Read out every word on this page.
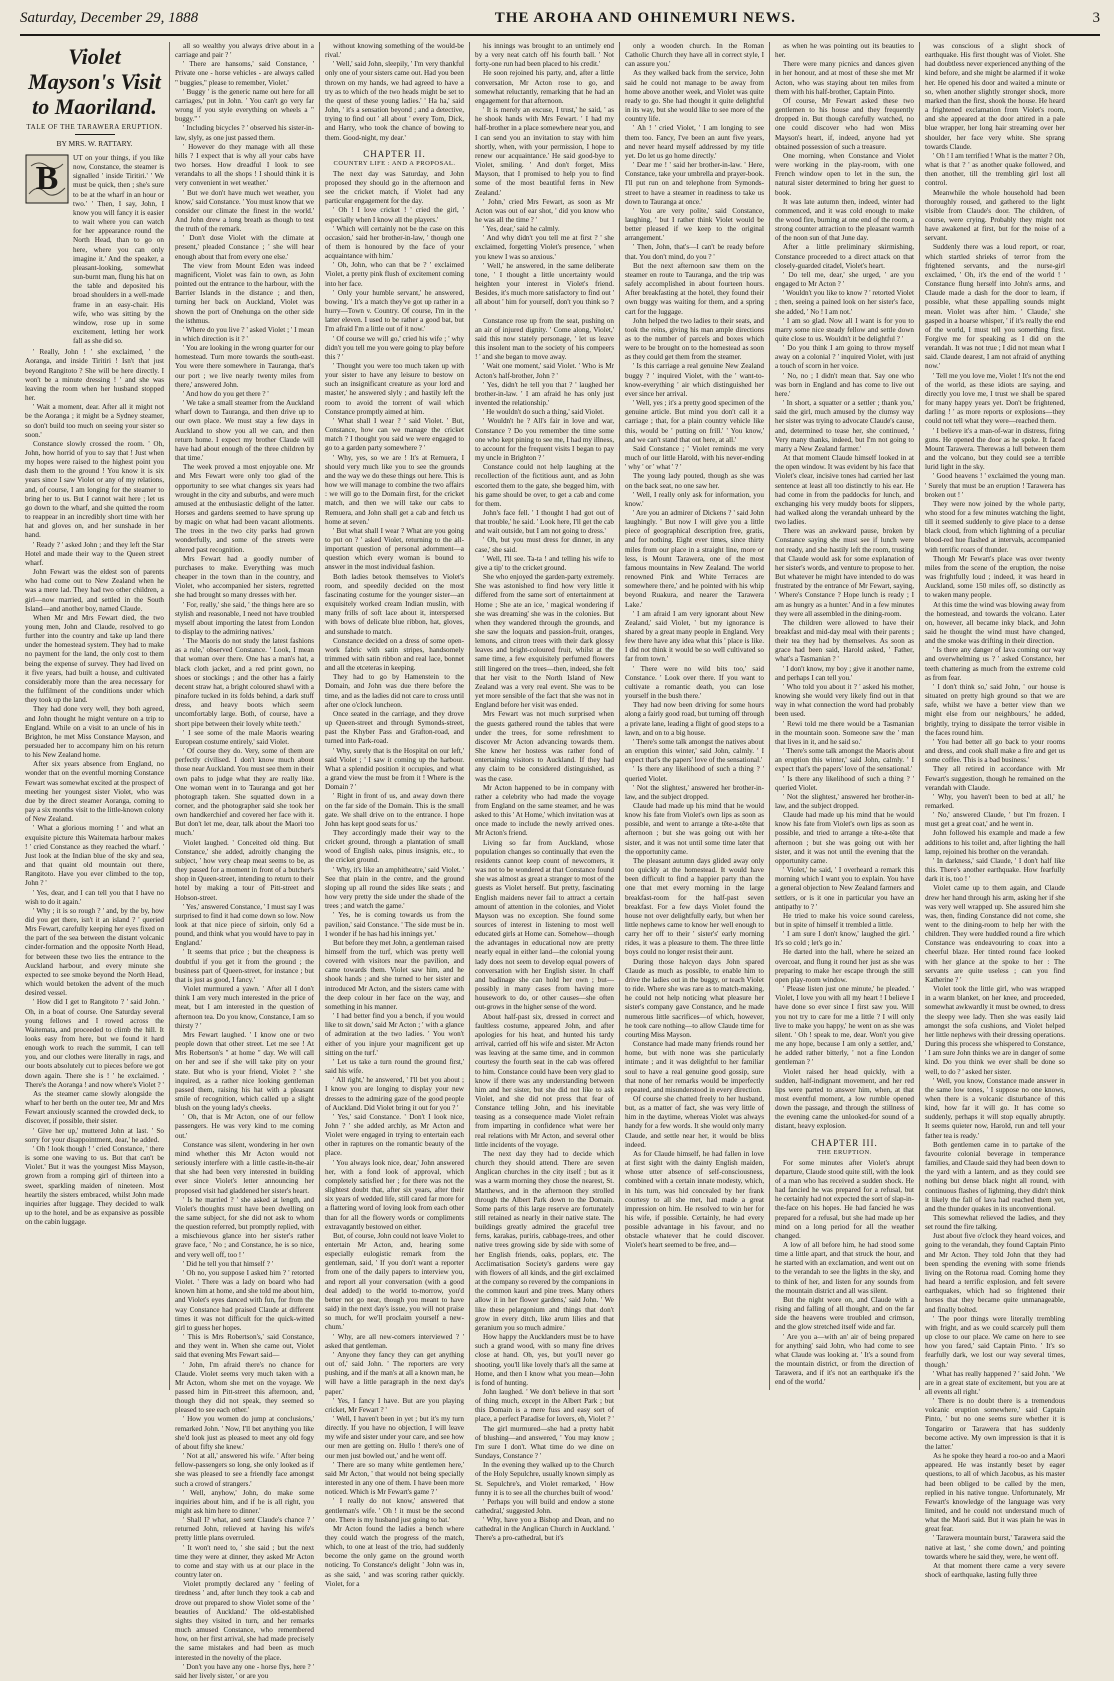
Saturday, December 29, 1888	THE AROHA AND OHINEMURI NEWS.	3
Violet Mayson's Visit to Maoriland.
TALE OF THE TARAWERA ERUPTION.
BY MRS. W. RATTARY.
B

UT on your things, if you like now, Constance, the steamer is signalled ' inside Tiritiri.' ' We must be quick, then ; she's sure to be at the wharf in an hour or two.' ' Then, I say, John, I know you will fancy it is easier to wait where you can watch for her appearance round the North Head, than to go on here, where you can only imagine it.' And the speaker, a pleasant-looking, somewhat sun-burnt man, flung his hat on the table and deposited his broad shoulders in a well-made frame in an easy-chair. His wife, who was sitting by the window, rose up in some excitement, letting her work fall as she did so.

' Really, John ! ' she exclaimed, ' the Aoranga, and inside Tiritiri ! Isn't that just beyond Rangitoto ? She will be here directly. I won't be a minute dressing ! ' and she was leaving the room when her husband stopped her.

' Wait a moment, dear. After all it might not be the Aoranga ; it might be a Sydney steamer, so don't build too much on seeing your sister so soon.'

Constance slowly crossed the room. ' Oh, John, how horrid of you to say that ! Just when my hopes were raised to the highest point you dash them to the ground ! You know it is six years since I saw Violet or any of my relations, and, of course, I am longing for the steamer to bring her to us. But I cannot wait here ; let us go down to the wharf, and she quitted the room to reappear in an incredibly short time with her hat and gloves on, and her sunshade in her hand.

' Ready ? ' asked John ; and they left the Star Hotel and made their way to the Queen street wharf.

John Fewart was the eldest son of parents who had come out to New Zealand when he was a mere lad. They had two other children, a girl—now married, and settled in the South Island—and another boy, named Claude.

When Mr and Mrs Fewart died, the two young men, John and Claude, resolved to go further into the country and take up land there under the homestead system. They had to make no payment for the land, the only cost to them being the expense of survey. They had lived on it five years, had built a house, and cultivated considerably more than the area necessary for the fulfilment of the conditions under which they took up the land.

They had done very well, they both agreed, and John thought he might venture on a trip to England. While on a visit to an uncle of his in Brighton, he met Miss Constance Mayson, and persuaded her to accompany him on his return to his New Zealand home.

After six years absence from England, no wonder that on the eventful morning Constance Fewart was somewhat excited at the prospect of meeting her youngest sister Violet, who was due by the direct steamer Aoranga, coming to pay a six months visit to the little-known colony of New Zealand.

' What a glorious morning ! ' and what an exquisite picture this Waitemata harbour makes ! ' cried Constance as they reached the wharf. ' Just look at the Indian blue of the sky and sea, and that quaint old mountain out there, Rangitoto. Have you ever climbed to the top, John ? '

' Yes, dear, and I can tell you that I have no wish to do it again.'

' Why ; it is so rough ? ' and, by the by, how did you get there, isn't it an island ? ' queried Mrs Fewart, carefully keeping her eyes fixed on the part of the sea between the distant volcanic cinder-formation and the opposite North Head, for between these two lies the entrance to the Auckland harbour, and every minute she expected to see smoke beyond the North Head, which would betoken the advent of the much desired vessel.

' How did I get to Rangitoto ? ' said John. ' Oh, in a boat of course. One Saturday several young fellows and I rowed across the Waitemata, and proceeded to climb the hill. It looks easy from here, but we found it hard enough work to reach the summit, I can tell you, and our clothes were literally in rags, and our boots absolutely cut to pieces before we got down again. There she is ! ' he exclaimed. ' There's the Aoranga ! and now where's Violet ? '

As the steamer came slowly alongside the wharf to her berth on the outer tee, Mr and Mrs Fewart anxiously scanned the crowded deck, to discover, if possible, their sister.

' Give her up,' muttered John at last. ' So sorry for your disappointment, dear,' he added.

' Oh ! look though ! ' cried Constance, ' there is some one waving to us. But that can't be Violet.' But it was the youngest Miss Mayson, grown from a romping girl of thirteen into a sweet, sparkling maiden of nineteen. Most heartily the sisters embraced, whilst John made inquiries after luggage. They decided to walk up to the hotel, and be as expansive as possible on the cabin luggage.

all so wealthy you always drive about in a carriage and pair ? '

' There are hansoms,' said Constance, ' Private one - horse vehicles - are always called " buggies," please to remember, Violet.'

' Buggy ' is the generic name out here for all carriages,' put in John. ' You can't go very far wrong if you style everything on wheels a " buggy." '

' Including bicycles ? ' observed his sister-in-law, slyly, as one just passed them.

' However do they manage with all these hills ? I expect that is why all your cabs have two horses. How dreadful I look to see verandahs to all the shops ! I should think it is very convenient in wet weather.'

' But we don't have much wet weather, you know,' said Constance. ' You must know that we consider our climate the finest in the world.' And John drew a long breath as though to test the truth of the remark.

' Don't dose Violet with the climate at present,' pleaded Constance ; ' she will hear enough about that from every one else.'

The view from Mount Eden was indeed magnificent, Violet was fain to own, as John pointed out the entrance to the harbour, with the Barrier Islands in the distance ; and then, turning her back on Auckland, Violet was shown the port of Onehunga on the other side the isthmus.

' Where do you live ? ' asked Violet ; ' I mean in which direction is it ? '

' You are looking in the wrong quarter for our homestead. Turn more towards the south-east. You were there somewhere in Tauranga, that's our port ; we live nearly twenty miles from there,' answered John.

' And how do you get there ? '

' We take a small steamer from the Auckland wharf down to Tauranga, and then drive up to our own place. We must stay a few days in Auckland to show you all we can, and then return home. I expect my brother Claude will have had about enough of the three children by that time.'

The week proved a most enjoyable one. Mr and Mrs Fewart were only too glad of the opportunity to see what changes six years had wrought in the city and suburbs, and were much amused at the enthusiastic delight of the latter. Horses and gardens seemed to have sprung up by magic on what had been vacant allotments. The trees in the two city parks had grown wonderfully, and some of the streets were altered past recognition.

Mrs Fewart had a goodly number of purchases to make. Everything was much cheaper in the town than in the country, and Violet, who accompanied her sisters, regretted she had brought so many dresses with her.

' For, really,' she said, ' the things here are so stylish and reasonable, I need not have troubled myself about importing the latest from London to display to the admiring natives.'

' The Maoris do not study the latest fashions as a rule,' observed Constance. ' Look, I mean that woman over there. One has a man's hat, a black cloth jacket, and a red print gown, no shoes or stockings ; and the other has a fairly decent straw hat, a bright coloured shawl with a pinafore tucked in its folds behind, a dark stuff dress, and heavy boots which seem uncomfortably large. Both, of course, have a short pipe between their lovely white teeth.'

' I see some of the male Maoris wearing European costume entirely,' said Violet.

' Of course they do. Very, some of them are perfectly civilised. I don't know much about those near Auckland. You must see them in their own pahs to judge what they are really like. One woman went in to Tauranga and got her photograph taken. She squatted down in a corner, and the photographer said she took her own handkerchief and covered her face with it. But don't let me, dear, talk about the Maori too much.'

Violet laughed. ' Conceited old thing. But Constance,' she added, adroitly changing the subject, ' how very cheap meat seems to be, as they passed for a moment in front of a butcher's shop in Queen-street, intending to return to their hotel by making a tour of Pitt-street and Hobson-street.

' Yes,' answered Constance, ' I must say I was surprised to find it had come down so low. Now look at that nice piece of sirloin, only 6d a pound, and think what you would have to pay in England.'

' It seems that price ; but the cheapness is doubtful if you get it from the ground ; the business part of Queen-street, for instance ; but that is just as good, I fancy.'

Violet murmured a yawn. ' After all I don't think I am very much interested in the price of meat, but I am interested in the question of afternoon tea. Do you know, Constance, I am so thirsty ? '

Mrs Fewart laughed. ' I know one or two people down that other street. Let me see ! At Mrs Robertson's " at home " day. We will call on her and see if she will take pity on your state. But who is your friend, Violet ? ' she inquired, as a rather nice looking gentleman passed them, raising his hat with a pleasant smile of recognition, which called up a slight blush on the young lady's cheeks.

' Oh, that is Mr Acton, one of our fellow passengers. He was very kind to me coming out.'

Constance was silent, wondering in her own mind whether this Mr Acton would not seriously interfere with a little castle-in-the-air that she had been very interested in building ever since Violet's letter announcing her proposed visit had gladdened her sister's heart.

' Is he married ? ' she asked at length, and Violet's thoughts must have been dwelling on the same subject, for she did not ask to whom the question referred, but promptly replied, with a mischievous glance into her sister's rather grave face, ' No ; and Constance, he is so nice, and very well off, too ! '

' Did he tell you that himself ? '

' Oh no, you suppose I asked him ? ' retorted Violet. ' There was a lady on board who had known him at home, and she told me about him, and Violet's eyes danced with fun, for from the way Constance had praised Claude at different times it was not difficult for the quick-witted girl to guess her hopes.

' This is Mrs Robertson's,' said Constance, and they went in. When she came out, Violet said that evening Mrs Fewart said—

' John, I'm afraid there's no chance for Claude. Violet seems very much taken with a Mr Acton, whom she met on the voyage. We passed him in Pitt-street this afternoon, and, though they did not speak, they seemed so pleased to see each other.'

' How you women do jump at conclusions,' remarked John. ' Now, I'll bet anything you like she'd look just as pleased to meet any old fogy of about fifty she knew.'

' Not at all,' answered his wife. ' After being fellow-passengers so long, she only looked as if she was pleased to see a friendly face amongst such a crowd of strangers.'

' Well, anyhow,' John, do make some inquiries about him, and if he is all right, you might ask him here to dinner.'

' Shall I? what, and sent Claude's chance ? ' returned John, relieved at having his wife's pretty little plans overruled.

' It won't need to, ' she said ; but the next time they were at dinner, they asked Mr Acton to come and stay with us at our place in the country later on.

Violet promptly declared any ' feeling of tiredness ' and, after lunch they took a cab and drove out prepared to show Violet some of the ' beauties of Auckland.' The old-established sights they visited in turn, and her remarks much amused Constance, who remembered how, on her first arrival, she had made precisely the same mistakes and had been as much interested in the novelty of the place.

' Don't you have any one - horse flys, here ? ' said her lively sister, ' or are you

without knowing something of the would-be rival.'

' Well,' said John, sleepily, ' I'm very thankful only one of your sisters came out. Had you been thrown on my hands, we had agreed to have a try as to which of the two heads might be set to the quest of these young ladies.' ' Ha ha,' said John, ' it's a sensation beyond ; and a detective, trying to find out ' all about ' every Tom, Dick, and Harry, who took the chance of bowing to them. Good-night, my dear.'

CHAPTER II.
COUNTRY LIFE : AND A PROPOSAL.

The next day was Saturday, and John proposed they should go in the afternoon and see the cricket match, if Violet had any particular engagement for the day.

' Oh ! I love cricket ! ' cried the girl, ' especially when I know all the players.'

' Which will certainly not be the case on this occasion,' said her brother-in-law, ' though one of them is honoured by the face of your acquaintance with him.'

' Oh, John, who can that be ? ' exclaimed Violet, a pretty pink flush of excitement coming into her face.

' Only your humble servant,' he answered, bowing. ' It's a match they've got up rather in a hurry—Town v. Country. Of course, I'm in the latter eleven. I used to be rather a good bat, but I'm afraid I'm a little out of it now.'

' Of course we will go,' cried his wife ; ' why didn't you tell me you were going to play before this ? '

' Thought you were too much taken up with your sister to have any leisure to bestow on such an insignificant creature as your lord and master,' he answered slyly ; and hastily left the room to avoid the torrent of wail which Constance promptly aimed at him.

' What shall I wear ? ' said Violet. ' But, Constance, how can we manage the cricket match ? I thought you said we were engaged to go to a garden party somewhere ? '

' Why, yes, so we are ! It's at Remuera, I should very much like you to see the grounds and the way we do these things out here. This is how we will manage to combine the two affairs : we will go to the Domain first, for the cricket match, and then we will take our cabs to Remuera, and John shall get a cab and fetch us home at seven.'

' But what shall I wear ? What are you going to put on ? ' asked Violet, returning to the all-important question of personal adornment—a question which every woman is bound to answer in the most individual fashion.

Both ladies betook themselves to Violet's room, and speedily decided on the most fascinating costume for the younger sister—an exquisitely worked cream Indian muslin, with many frills of soft lace about it, interspersed with bows of delicate blue ribbon, hat, gloves, and sunshade to match.

Constance decided on a dress of some open-work fabric with satin stripes, handsomely trimmed with satin ribbon and real lace, bonnet and all the etceteras in keeping.

They had to go by Hamenstein to the Domain, and John was due there before the time, and as the ladies did not care to cross until after one o'clock luncheon.

Once seated in the carriage, and they drove up Queen-street and through Symonds-street, past the Khyber Pass and Grafton-road, and turned into Park-road.

' Why, surely that is the Hospital on our left,' said Violet ; ' I saw it coming up the harbour. What a splendid position it occupies, and what a grand view the must be from it ! Where is the Domain ? '

' Right in front of us, and away down there on the far side of the Domain. This is the small gate. We shall drive on to the entrance. I hope John has kept good seats for us.'

They accordingly made their way to the cricket ground, through a plantation of small wood of English oaks, pinus insignis, etc., to the cricket ground.

' Why, it's like an amphitheatre,' said Violet. ' See that plain in the centre, and the ground sloping up all round the sides like seats ; and how very pretty the side under the shade of the trees ; and watch the game.'

' Yes, he is coming towards us from the pavilion,' said Constance. ' The side must be in. I wonder if he has had his innings yet.'

But before they met John, a gentleman raised himself from the turf, which was pretty well covered with visitors near the pavilion, and came towards them. Violet saw him, and he shook hands ; and she turned to her sister and introduced Mr Acton, and the sisters came with the deep colour in her face on the way, and something in his manner.

' I had better find you a bench, if you would like to sit down,' said Mr Acton ; ' with a glance of admiration at the two ladies. ' You won't either of you injure your magnificent get up sitting on the turf.'

' Let us take a turn round the ground first,' said his wife.

' All right,' he answered, ' I'll bet you about ; I know you are longing to display your new dresses to the admiring gaze of the good people of Auckland. Did Violet bring it out for you ? '

' Yes,' said Constance. ' Don't I look nice, John ? ' she added archly, as Mr Acton and Violet were engaged in trying to entertain each other in raptures on the romantic beauty of the place.

' You always look nice, dear,' John answered her, with a fond look of approval, which completely satisfied her ; for there was not the slightest doubt that, after six years, after their six years of wedded life, still cared far more for a flattering word of loving look from each other than for all the flowery words or compliments extravagantly bestowed on either.

But, of course, John could not leave Violet to entertain Mr Acton, and, hearing some especially eulogistic remark from the gentleman, said, ' If you don't want a reporter from one of the daily papers to interview you, and report all your conversation (with a good deal added) to the world to-morrow, you'd better not go near, though you meant to have said) in the next day's issue, you will not praise so much, for we'll proclaim yourself a new-chum.'

' Why, are all new-comers interviewed ? ' asked that gentleman.

' Anyone they fancy they can get anything out of,' said John. ' The reporters are very pushing, and if the man's at all a known man, he will have a little paragraph in the next day's paper.'

' Yes, I fancy I have. But are you playing cricket, Mr Fewart ? '

' Well, I haven't been in yet ; but it's my turn directly. If you have no objection, I will leave my wife and sister under your care, and see how our men are getting on. Hullo ! there's one of our men just bowled out,' and he went off.

' There are so many white gentlemen here,' said Mr Acton, ' that would not being specially interested in any one of them. I have been more noticed. Which is Mr Fewart's game ? '

' I really do not know,' answered that gentleman's wife. ' Oh ! it must be the second one. There is my husband just going to bat.'

Mr Acton found the ladies a bench where they could watch the progress of the match, which, to one at least of the trio, had suddenly become the only game on the ground worth noticing. To Constance's delight ' John was in, as she said, ' and was scoring rather quickly. Violet, for a

his innings was brought to an untimely end by a very neat catch off his fourth ball. ' Not forty-one run had been placed to his credit.'

He soon rejoined his party, and, after a little conversation, Mr Acton rose to go, and somewhat reluctantly, remarking that he had an engagement for that afternoon.

' It is merely an excuse, I trust,' he said, ' as he shook hands with Mrs Fewart. ' I had my half-brother in a place somewhere near you, and I can send you an invitation to stay with him shortly, when, with your permission, I hope to renew our acquaintance.' He said good-bye to Violet, smiling. ' And don't forget, Miss Mayson, that I promised to help you to find some of the most beautiful ferns in New Zealand.'

' John,' cried Mrs Fewart, as soon as Mr Acton was out of ear shot, ' did you know who he was all the time ? '

' Yes, dear,' said he calmly.

' And why didn't you tell me at first ? ' she exclaimed, forgetting Violet's presence, ' when you knew I was so anxious.'

' Well,' he answered, in the same deliberate tone, ' I thought a little uncertainty would heighten your interest in Violet's friend. Besides, it's much more satisfactory to find out ' all about ' him for yourself, don't you think so ? '

Constance rose up from the seat, pushing on an air of injured dignity. ' Come along, Violet,' said this now stately personage, ' let us leave this insolent man to the society of his compeers ! ' and she began to move away.

' Wait one moment,' said Violet. ' Who is Mr Acton's half-brother, John ? '

' Yes, didn't he tell you that ? ' laughed her brother-in-law. ' I am afraid he has only just invented the relationship.'

' He wouldn't do such a thing,' said Violet.

' Wouldn't he ? All's fair in love and war, Constance ? Do you remember the time some one who kept pining to see me, I had my illness, to account for the frequent visits I began to pay my uncle in Brighton ? '

Constance could not help laughing at the recollection of the fictitious aunt, and as John escorted them to the gate, she begged him, with his game should be over, to get a cab and come for them.

John's face fell. ' I thought I had got out of that trouble,' he said. ' Look here, I'll get the cab and wait outside, but I am not going to dress.'

' Oh, but you must dress for dinner, in any case,' she said.

' Well, I'll see. Ta-ta ! and telling his wife to give a tip' to the cricket ground.

She who enjoyed the garden-party extremely. She was astonished to find how very little it differed from the same sort of entertainment at Home ; She ate an ice, ' magical wondering if she was dreaming' she was in the colonies. But when they wandered through the grounds, and she saw the loquats and passion-fruit, oranges, lemons, and citron trees with their dark glossy leaves and bright-coloured fruit, whilst at the same time, a few exquisitely perfumed flowers still lingered on the trees—then, indeed, she felt that her visit to the North Island of New Zealand was a very real event. She was to be yet more sensible of the fact that she was not in England before her visit was ended.

Mrs Fewart was not much surprised when the guests gathered round the tables that were under the trees, for some refreshment to discover Mr Acton advancing towards them. She knew her hostess was rather fond of entertaining visitors to Auckland. If they had any claim to be considered distinguished, as was the case.

Mr Acton happened to be in company with rather a celebrity who had made the voyage from England on the same steamer, and he was asked to this ' At Home,' which invitation was at once made to include the newly arrived ones. Mr Acton's friend.

Living so far from Auckland, whose population changes so continually that even the residents cannot keep count of newcomers, it was not to be wondered at that Constance found she was almost as great a stranger to most of the guests as Violet herself. But pretty, fascinating English maidens never fail to attract a certain amount of attention in the colonies, and Violet Mayson was no exception. She found some sources of interest in listening to most well educated girls at Home can. Somehow—though the advantages in educational now are pretty nearly equal in either land—the colonial young lady does not seem to develop equal powers of conversation with her English sister. In chaff and badinage she can hold her own ; but—possibly in many cases from having more housework to do, or other causes—she often out-grows in the higher sense of the word.

About half-past six, dressed in correct and faultless costume, appeared John, and after apologies for his heat, and hunted his tardy arrival, carried off his wife and sister. Mr Acton was leaving at the same time, and in common courtesy the fourth seat in the cab was offered to him. Constance could have been very glad to know if there was any understanding between him and her sister, but she did not like to ask Violet, and she did not press that fear of Constance telling John, and his inevitable teasing as a consequence made Violet refrain from imparting in confidence what were her real relations with Mr Acton, and several other little incidents of the voyage.

The next day they had to decide which church they should attend. There are seven Anglican churches in the city itself ; but as it was a warm morning they chose the nearest, St. Matthews, and in the afternoon they strolled through the Albert Park down to the Domain. Some parts of this large reserve are fortunately still retained as nearly in their native state. The buildings greatly admired the graceful tree ferns, karakas, puriris, cabbage-trees, and other native trees growing side by side with some of her English friends, oaks, poplars, etc. The Acclimatisation Society's gardens were gay with flowers of all kinds, and the girl exclaimed at the company so revered by the companions in the common kauri and pine trees. Many others allow it in her flower gardens,' said John. ' We like these pelargonium and things that don't grow in every ditch, like arum lilies and that geranium you so much admire.'

How happy the Aucklanders must be to have such a grand wood, with so many fine drives close at hand. Oh, yes, but you'll never go shooting, you'll like lovely that's all the same at Home, and then I know what you mean—John is fond of hunting.

John laughed. ' We don't believe in that sort of thing much, except in the Albert Park ; but this Domain is a mere fuss and easy sort of place, a perfect Paradise for lovers, eh, Violet ? '

The girl murmured—she had a pretty habit of blushing—and answered, ' You may know ; I'm sure I don't. What time do we dine on Sundays, Constance ? '

In the evening they walked up to the Church of the Holy Sepulchre, usually known simply as St. Sepulchre's, and Violet remarked, ' How funny it is to see all the churches built of wood.'

' Perhaps you will build and endow a stone cathedral,' suggested John.

' Why, have you a Bishop and Dean, and no cathedral in the Anglican Church in Auckland. ' There's a pro-cathedral, but it's

only a wooden church. In the Roman Catholic Church they have all in correct style, I can assure you.'

As they walked back from the service, John said he could not manage to be away from home above another week, and Violet was quite ready to go. She had thought it quite delightful in its way, but she would like to see more of the country life.

' Ah ! ' cried Violet, ' I am longing to see them too. Fancy, I've been an aunt five years, and never heard myself addressed by my title yet. Do let us go home directly.'

' Dear me ! ' said her brother-in-law. ' Here, Constance, take your umbrella and prayer-book. I'll put run on and telephone from Symonds-street to have a steamer in readiness to take us down to Tauranga at once.'

' You are very polite,' said Constance, laughing, ' but I rather think Violet would be better pleased if we keep to the original arrangement.'

' Then, John, that's—I can't be ready before that. You don't mind, do you ? '

But the next afternoon saw them on the steamer en route to Tauranga, and the trip was safely accomplished in about fourteen hours. After breakfasting at the hotel, they found their own buggy was waiting for them, and a spring cart for the luggage.

John helped the two ladies to their seats, and took the reins, giving his man ample directions as to the number of parcels and boxes which were to be brought on to the homestead as soon as they could get them from the steamer.

' Is this carriage a real genuine New Zealand buggy ? ' inquired Violet, with the ' want-to-know-everything ' air which distinguished her ever since her arrival.

' Well, yes ; it's a pretty good specimen of the genuine article. But mind you don't call it a carriage ; that, for a plain country vehicle like this, would be ' putting on frill.' ' You know,' and we can't stand that out here, at all.'

Said Constance ; ' Violet reminds me very much of our little Harold, with his never-ending ' why ' or ' what ' ? '

The young lady pouted, though as she was on the back seat, no one saw her.

' Well, I really only ask for information, you know.'

' Are you an admirer of Dickens ? ' said John laughingly. ' But now I will give you a little piece of geographical description free, gratis, and for nothing. Eight ever times, since thirty miles from our place in a straight line, more or less, is Mount Tarawera, one of the most famous mountains in New Zealand. The world renowned Pink and White Terraces are somewhere there,' and he pointed with his whip beyond Ruakura, and nearer the Tarawera Lake.'

' I am afraid I am very ignorant about New Zealand,' said Violet, ' but my ignorance is shared by a great many people in England. Very few there have any idea what this ' place is like. I did not think it would be so well cultivated so far from town.'

' There were no wild bits too,' said Constance. ' Look over there. If you want to cultivate a romantic death, you can lose yourself in the bush there.'

They had now been driving for some hours along a fairly good road, but turning off through a private lane, leading a flight of good steps to a lawn, and on to a big house.

' There's some talk amongst the natives about an eruption this winter,' said John, calmly. ' I expect that's the papers' love of the sensational.'

' Is there any likelihood of such a thing ? ' queried Violet.

' Not the slightest,' answered her brother-in-law, and the subject dropped.

Claude had made up his mind that he would know his fate from Violet's own lips as soon as possible, and went to arrange a tête-a-tête that afternoon ; but she was going out with her sister, and it was not until some time later that the opportunity came.

The pleasant autumn days glided away only too quickly at the homestead. It would have been difficult to find a happier party than the one that met every morning in the large breakfast-room for the half-past seven breakfast. For a few days Violet found the house not over delightfully early, but when her little nephews came to know her well enough to carry her off to their ' sister's' early morning rides, it was a pleasure to them. The three little boys could no longer resist their aunt.

During those halcyon days John spared Claude as much as possible, to enable him to drive the ladies out in the buggy, or teach Violet to ride. Where she was rare as to match-making, he could not help noticing what pleasure her sister's company gave Constance, and he made numerous little sacrifices—of which, however, he took care nothing—to allow Claude time for courting Miss Mayson.

Constance had made many friends round her home, but with none was she particularly intimate ; and it was delightful to her familiar soul to have a real genuine good gossip, sure that none of her remarks would be imperfectly repeated, and misunderstood in every direction.

Of course she chatted freely to her husband, but, as a matter of fact, she was very little of him in the daytime, whereas Violet was always handy for a few words. It she would only marry Claude, and settle near her, it would be bliss indeed.

As for Claude himself, he had fallen in love at first sight with the dainty English maiden, whose utter absence of self-consciousness, combined with a certain innate modesty, which, in his turn, was hid concealed by her frank courtesy to all she met, had made a great impression on him. He resolved to win her for his wife, if possible. Certainly, he had every possible advantage in his favour, and no obstacle whatever that he could discover. Violet's heart seemed to be free, and—

as when he was pointing out its beauties to her.

There were many picnics and dances given in her honour, and at most of these she met Mr Acton, who was staying about ten miles from them with his half-brother, Captain Pinto.

Of course, Mr Fewart asked these two gentlemen to his house and they frequently dropped in. But though carefully watched, no one could discover who had won Miss Mayson's heart, if, indeed, anyone had yet obtained possession of such a treasure.

One morning, when Constance and Violet were working in the play-room, with one French window open to let in the sun, the natural sister determined to bring her guest to book.

It was late autumn then, indeed, winter had commenced, and it was cold enough to make the wood fire, burning at one end of the room, a strong counter attraction to the pleasant warmth of the noon sun of that June day.

After a little preliminary skirmishing, Constance proceeded to a direct attack on that closely-guarded citadel, Violet's heart.

' Do tell me, dear,' she urged, ' are you engaged to Mr Acton ? '

' Wouldn't you like to know ? ' retorted Violet ; then, seeing a pained look on her sister's face, she added, ' No ! I am not.'

' I am so glad. Now all I want is for you to marry some nice steady fellow and settle down quite close to us. Wouldn't it be delightful ? '

' Do you think I am going to throw myself away on a colonial ? ' inquired Violet, with just a touch of scorn in her voice.

' No, no ; I didn't mean that. Say one who was born in England and has come to live out here.'

' In short, a squatter or a settler ; thank you,' said the girl, much amused by the clumsy way her sister was trying to advocate Claude's cause, and, determined to tease her, she continued, ' Very many thanks, indeed, but I'm not going to marry a New Zealand farmer.'

At that moment Claude himself looked in at the open window. It was evident by his face that Violet's clear, incisive tones had carried her last sentence at least all too distinctly to his ear. He had come in from the paddocks for lunch, and exchanging his very muddy boots for slippers, had walked along the verandah unheard by the two ladies.

There was an awkward pause, broken by Constance saying she must see if lunch were not ready, and she hastily left the room, trusting that Claude would ask for some explanation of her sister's words, and venture to propose to her. But whatever he might have intended to do was frustrated by the entrance of Mr Fewart, saying, ' Where's Constance ? Hope lunch is ready ; I am as hungry as a hunter.' And in a few minutes they were all assembled in the dining-room.

The children were allowed to have their breakfast and mid-day meal with their parents ; their tea they had by themselves. As soon as grace had been said, Harold asked, ' Father, what's a Tasmanian ? '

' I don't know, my boy ; give it another name, and perhaps I can tell you.'

' Who told you about it ? ' asked his mother, knowing she would very likely find out in that way in what connection the word had probably been used.

' Rewi told me there would be a Tasmanian in the mountain soon. Someone saw the ' man that lives in it, and he said so.'

' There's some talk amongst the Maoris about an eruption this winter,' said John, calmly. ' I expect that's the papers' love of the sensational.'

' Is there any likelihood of such a thing ? ' queried Violet.

' Not the slightest,' answered her brother-in-law, and the subject dropped.

Claude had made up his mind that he would know his fate from Violet's own lips as soon as possible, and tried to arrange a tête-a-tête that afternoon ; but she was going out with her sister, and it was not until the evening that the opportunity came.

' Violet,' he said, ' I overheard a remark this morning which I want you to explain. You have a general objection to New Zealand farmers and settlers, or is it one in particular you have an antipathy to ? '

He tried to make his voice sound careless, but in spite of himself it trembled a little.

' I am sure I don't know,' laughed the girl. ' It's so cold ; let's go in.'

He darted into the hall, where he seized an overcoat, and flung it round her just as she was preparing to make her escape through the still open play-room window.

' Please listen just one minute,' he pleaded. ' Violet, I love you with all my heart ! I believe I have done so ever since I first saw you. Will you not try to care for me a little ? I will only live to make you happy,' he went on as she was silent. ' Oh ! speak to me, dear. Won't you give me any hope, because I am only a settler, and,' he added rather bitterly, ' not a fine London gentleman ? '

Violet raised her head quickly, with a sudden, half-indignant movement, and her red lips were parted to answer him, when, at that most eventful moment, a low rumble opened down the passage, and through the stillness of the evening came the unlooked-for sound of a distant, heavy explosion.

CHAPTER III.
THE ERUPTION.

For some minutes after Violet's abrupt departure, Claude stood quite still, with the look of a man who has received a sudden shock. He had fancied he was prepared for a refusal, but he certainly had not expected the sort of slap-in-the-face on his hopes. He had fancied he was prepared for a refusal, but she had made up her mind on a long period for all the weather changed.

A low of all before him, he had stood some time a little apart, and that struck the hour, and he started with an exclamation, and went out on to the verandah to see the lights in the sky, and to think of her, and listen for any sounds from the mountain district and all was silent.

But the night wore on, and Claude with a rising and falling of all thought, and on the far side the heavens were troubled and crimson, and the glow stretched itself wide and far.

' Are you a—with an' air of being prepared for anything' said John, who had come to see what Claude was looking at. ' It's a sound from the mountain district, or from the direction of Tarawera, and if it's not an earthquake it's the end of the world.'

was conscious of a slight shock of earthquake. His first thought was of Violet. She had doubtless never experienced anything of the kind before, and she might be alarmed if it woke her. He opened his door and waited a minute or so, when another slightly stronger shock, more marked than the first, shook the house. He heard a frightened exclamation from Violet's room, and she appeared at the door attired in a pale blue wrapper, her long hair streaming over her shoulder, her face very white. She sprang towards Claude.

' Oh ! I am terrified ! What is the matter ? Oh, what is that ? ' as another quake followed, and then another, till the trembling girl lost all control.

Meanwhile the whole household had been thoroughly roused, and gathered to the light visible from Claude's door. The children, of course, were crying. Probably they might not have awakened at first, but for the noise of a servant.

Suddenly there was a loud report, or roar, which startled shrieks of terror from the frightened servants, and the nurse-girl exclaimed, ' Oh, it's the end of the world ! ' Constance flung herself into John's arms, and Claude made a dash for the door to learn, if possible, what these appalling sounds might mean. Violet was after him. ' Claude,' she gasped in a hoarse whisper, ' if it's really the end of the world, I must tell you something first. Forgive me for speaking as I did on the verandah. It was not true ; I did not mean what I said. Claude dearest, I am not afraid of anything now.'

' Tell me you love me, Violet ! It's not the end of the world, as these idiots are saying, and directly you love me, I trust we shall be spared for many happy years yet. Don't be frightened, darling ! ' as more reports or explosions—they could not tell what they were—reached them.

' I believe it's a man-of-war in distress, firing guns. He opened the door as he spoke. It faced Mount Tarawera. Therewas a lull between them and the volcano, but they could see a terrible lurid light in the sky.

' Good heavens ! ' exclaimed the young man. ' Surely that must be an eruption ! Tarawera has broken out ! '

They were now joined by the whole party, who stood for a few minutes watching the light, till it seemed suddenly to give place to a dense black cloud, from which lightning of a peculiar blood-red hue flashed at intervals, accompanied with terrific roars of thunder.

Though Mr Fewart's place was over twenty miles from the scene of the eruption, the noise was frightfully loud ; indeed, it was heard in Auckland, some 150 miles off, so distinctly as to waken many people.

At this time the wind was blowing away from the homestead, and towards the volcano. Later on, however, all became inky black, and John said he thought the wind must have changed, and the smoke was drifting in their direction.

' Is there any danger of lava coming our way and overwhelming us ? ' asked Constance, her teeth chattering as much from the extreme cold as from fear.

' I don't think so,' said John, ' our house is situated on pretty high ground so that we are safe, whilst we have a better view than we might else from our neighbours,' he added, brightly, trying to dissipate the terror visible in the faces round him.

' You had better all go back to your rooms and dress, and cook shall make a fire and get us some coffee. This is a bad business.'

They all retired in accordance with Mr Fewart's suggestion, though he remained on the verandah with Claude.

' Why, you haven't been to bed at all,' he remarked.

' No,' answered Claude, ' but I'm frozen. I must get a great coat,' and he went in.

John followed his example and made a few additions to his toilet and, after lighting the hall lamp, rejoined his brother on the verandah.

' In darkness,' said Claude, ' I don't half like this. There's another earthquake. How fearfully dark it is, too ! '

Violet came up to them again, and Claude drew her hand through his arm, asking her if she was very well wrapped up. She assured him she was, then, finding Constance did not come, she went to the dining-room to help her with the children. They were huddled round a fire which Constance was endeavouring to coax into a cheerful blaze. Her tinted round face looked with her glance at the spoke to her : The servants are quite useless ; can you find Katherine ? '

Violet took the little girl, who was wrapped in a warm blanket, on her knee, and proceeded, somewhat awkwardly it must be owned, to dress the sleepy wee lady. Then she was easily laid amongst the sofa cushions, and Violet helped her little nephews with their dressing operations. During this process she whispered to Constance, ' I am sure John thinks we are in danger of some kind. Do you think we ever shall be done so well, to do ? ' asked her sister.

' Well, you know, Constance made answer in the same low tones, ' I suppose no one knows, when there is a volcanic disturbance of this kind, how far it will go. It has come so suddenly, perhaps it will stop equally abruptly. It seems quieter now, Harold, run and tell your father tea is ready.'

Both gentlemen came in to partake of the favourite colonial beverage in temperance families, and Claude said they had been down to the yard with a lantern, and as they could see nothing but dense black night all round, with continuous flashes of lightning, they didn't think it likely the fall of lava had reached them yet, and the thunder quakes in its unconventional.

This somewhat relieved the ladies, and they set round the fire talking.

Just about five o'clock they heard voices, and going to the verandah, they found Captain Pinto and Mr Acton. They told John that they had been spending the evening with some friends living on the Rotorua road. Coming home they had heard a terrific explosion, and felt severe earthquakes, which had so frightened their horses that they became quite unmanageable, and finally bolted.

' The poor things were literally trembling with fright, and as we could scarcely pull them up close to our place. We came on here to see how you fared,' said Captain Pinto. ' It's so fearfully dark, we lost our way several times, though.'

' What has really happened ? ' said John. ' We are in a great state of excitement, but you are at all events all right.'

' There is no doubt there is a tremendous volcanic eruption somewhere,' said Captain Pinto, ' but no one seems sure whether it is Tongariro or Tarawera that has suddenly become active. My own impression is that it is the latter.'

As he spoke they heard a roo-oo and a Maori appeared. He was instantly beset by eager questions, to all of which Jacobus, as his master had been obliged to be called by the men, replied in his native tongue. Unfortunately, Mr Fewart's knowledge of the language was very limited, and he could not understand much of what the Maori said. But it was plain he was in great fear.

' Tarawera mountain burst,' Tarawera said the native at last, ' she come down,' and pointing towards where he said they, were, he went off.

At that moment there came a very severe shock of earthquake, lasting fully three
